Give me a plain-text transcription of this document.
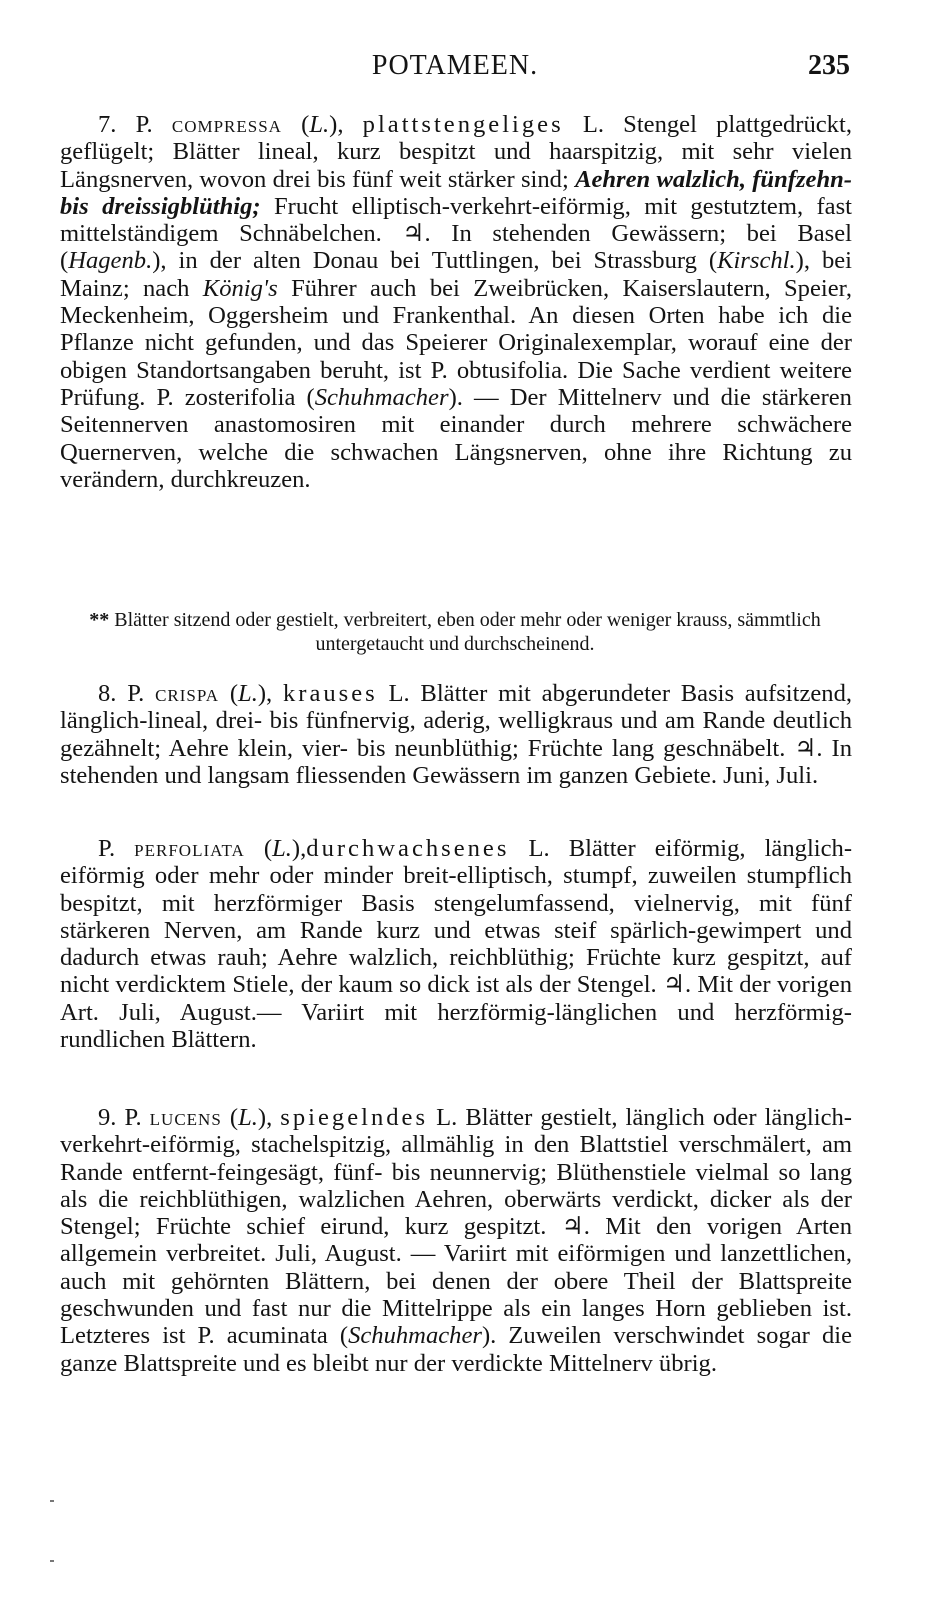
POTAMEEN.	235

7. P. compressa (L.), plattstengeliges L. Stengel plattgedrückt, geflügelt; Blätter lineal, kurz bespitzt und haarspitzig, mit sehr vielen Längsnerven, wovon drei bis fünf weit stärker sind; Aehren walzlich, fünfzehn- bis dreissigblüthig; Frucht elliptisch-verkehrt-eiförmig, mit gestutztem, fast mittelständigem Schnäbelchen. ♃. In stehenden Gewässern; bei Basel (Hagenb.), in der alten Donau bei Tuttlingen, bei Strassburg (Kirschl.), bei Mainz; nach König's Führer auch bei Zweibrücken, Kaiserslautern, Speier, Meckenheim, Oggersheim und Frankenthal. An diesen Orten habe ich die Pflanze nicht gefunden, und das Speierer Originalexemplar, worauf eine der obigen Standortsangaben beruht, ist P. obtusifolia. Die Sache verdient weitere Prüfung. P. zosterifolia (Schuhmacher). — Der Mittelnerv und die stärkeren Seitennerven anastomosiren mit einander durch mehrere schwächere Quernerven, welche die schwachen Längsnerven, ohne ihre Richtung zu verändern, durchkreuzen.

** Blätter sitzend oder gestielt, verbreitert, eben oder mehr oder weniger krauss, sämmtlich untergetaucht und durchscheinend.

8. P. crispa (L.), krauses L. Blätter mit abgerundeter Basis aufsitzend, länglich-lineal, drei- bis fünfnervig, aderig, welligkraus und am Rande deutlich gezähnelt; Aehre klein, vier- bis neunblüthig; Früchte lang geschnäbelt. ♃. In stehenden und langsam fliessenden Gewässern im ganzen Gebiete. Juni, Juli.

P. perfoliata (L.),durchwachsenes L. Blätter eiförmig, länglich-eiförmig oder mehr oder minder breit-elliptisch, stumpf, zuweilen stumpflich bespitzt, mit herzförmiger Basis stengelumfassend, vielnervig, mit fünf stärkeren Nerven, am Rande kurz und etwas steif spärlich-gewimpert und dadurch etwas rauh; Aehre walzlich, reichblüthig; Früchte kurz gespitzt, auf nicht verdicktem Stiele, der kaum so dick ist als der Stengel. ♃. Mit der vorigen Art. Juli, August.— Variirt mit herzförmig-länglichen und herzförmig-rundlichen Blättern.

9. P. lucens (L.), spiegelndes L. Blätter gestielt, länglich oder länglich-verkehrt-eiförmig, stachelspitzig, allmählig in den Blattstiel verschmälert, am Rande entfernt-feingesägt, fünf- bis neunnervig; Blüthenstiele vielmal so lang als die reichblüthigen, walzlichen Aehren, oberwärts verdickt, dicker als der Stengel; Früchte schief eirund, kurz gespitzt. ♃. Mit den vorigen Arten allgemein verbreitet. Juli, August. — Variirt mit eiförmigen und lanzettlichen, auch mit gehörnten Blättern, bei denen der obere Theil der Blattspreite geschwunden und fast nur die Mittelrippe als ein langes Horn geblieben ist. Letzteres ist P. acuminata (Schuhmacher). Zuweilen verschwindet sogar die ganze Blattspreite und es bleibt nur der verdickte Mittelnerv übrig.
